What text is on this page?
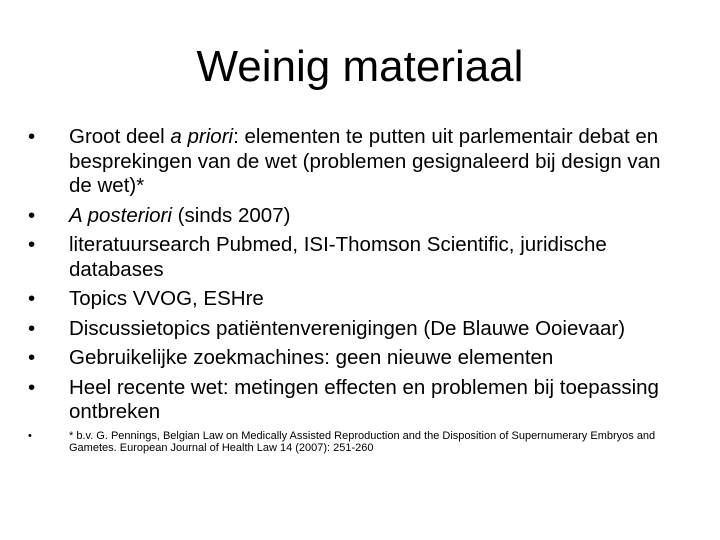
Weinig materiaal
•	Groot deel a priori: elementen te putten uit parlementair debat en besprekingen van de wet (problemen gesignaleerd bij design van de wet)*
•	A posteriori (sinds 2007)
•	literatuursearch Pubmed, ISI-Thomson Scientific, juridische databases
•	Topics VVOG, ESHre
•	Discussietopics patiëntenverenigingen (De Blauwe Ooievaar)
•	Gebruikelijke zoekmachines: geen nieuwe elementen
•	Heel recente wet: metingen effecten en problemen bij toepassing ontbreken
•	* b.v. G. Pennings, Belgian Law on Medically Assisted Reproduction and the Disposition of Supernumerary Embryos and Gametes. European Journal of Health Law 14 (2007): 251-260
